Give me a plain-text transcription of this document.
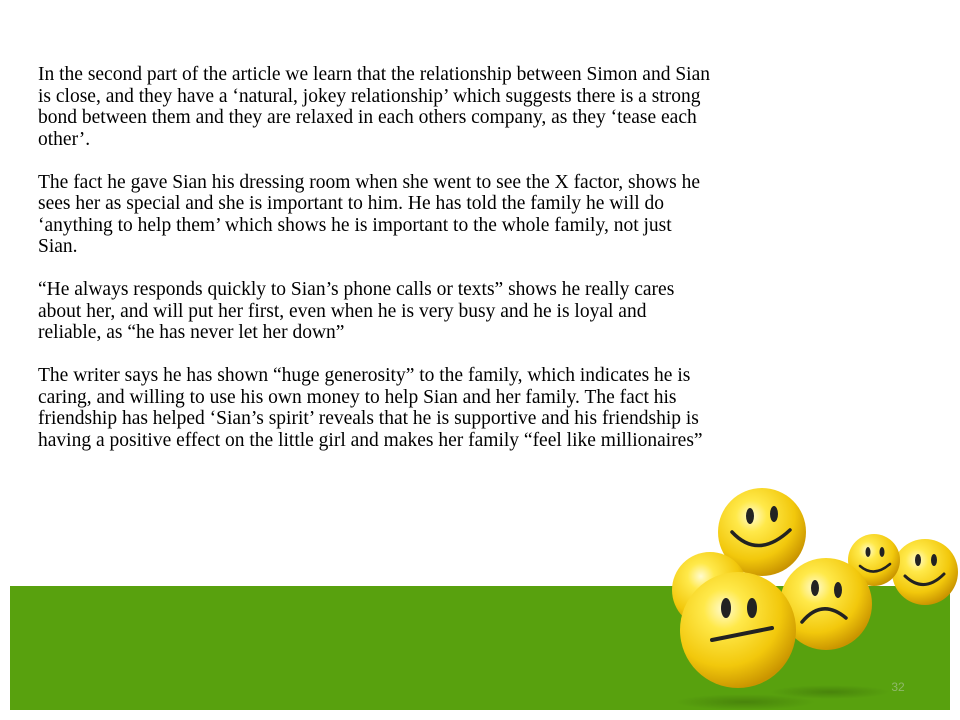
In the second part of the article we learn that the relationship between Simon and Sian
is close, and they have a ‘natural, jokey relationship’ which suggests there is a strong
bond between them and they are relaxed in each others company, as they ‘tease each
other’.

The fact he gave Sian his dressing room when she went to see the X factor, shows he
sees her as special and she is important to him. He has told the family he will do
‘anything to help them’ which shows he is important to the whole family, not just
Sian.

“He always responds quickly to Sian’s phone calls or texts” shows he really cares
about her, and will put her first, even when he is very busy and he is loyal and
reliable, as “he has never let her down”

The writer says he has shown “huge generosity” to the family, which indicates he is
caring, and willing to use his own money to help Sian and her family. The fact his
friendship has helped ‘Sian’s spirit’ reveals that he is supportive and his friendship is
having a positive effect on the little girl and makes her family “feel like millionaires”

32
